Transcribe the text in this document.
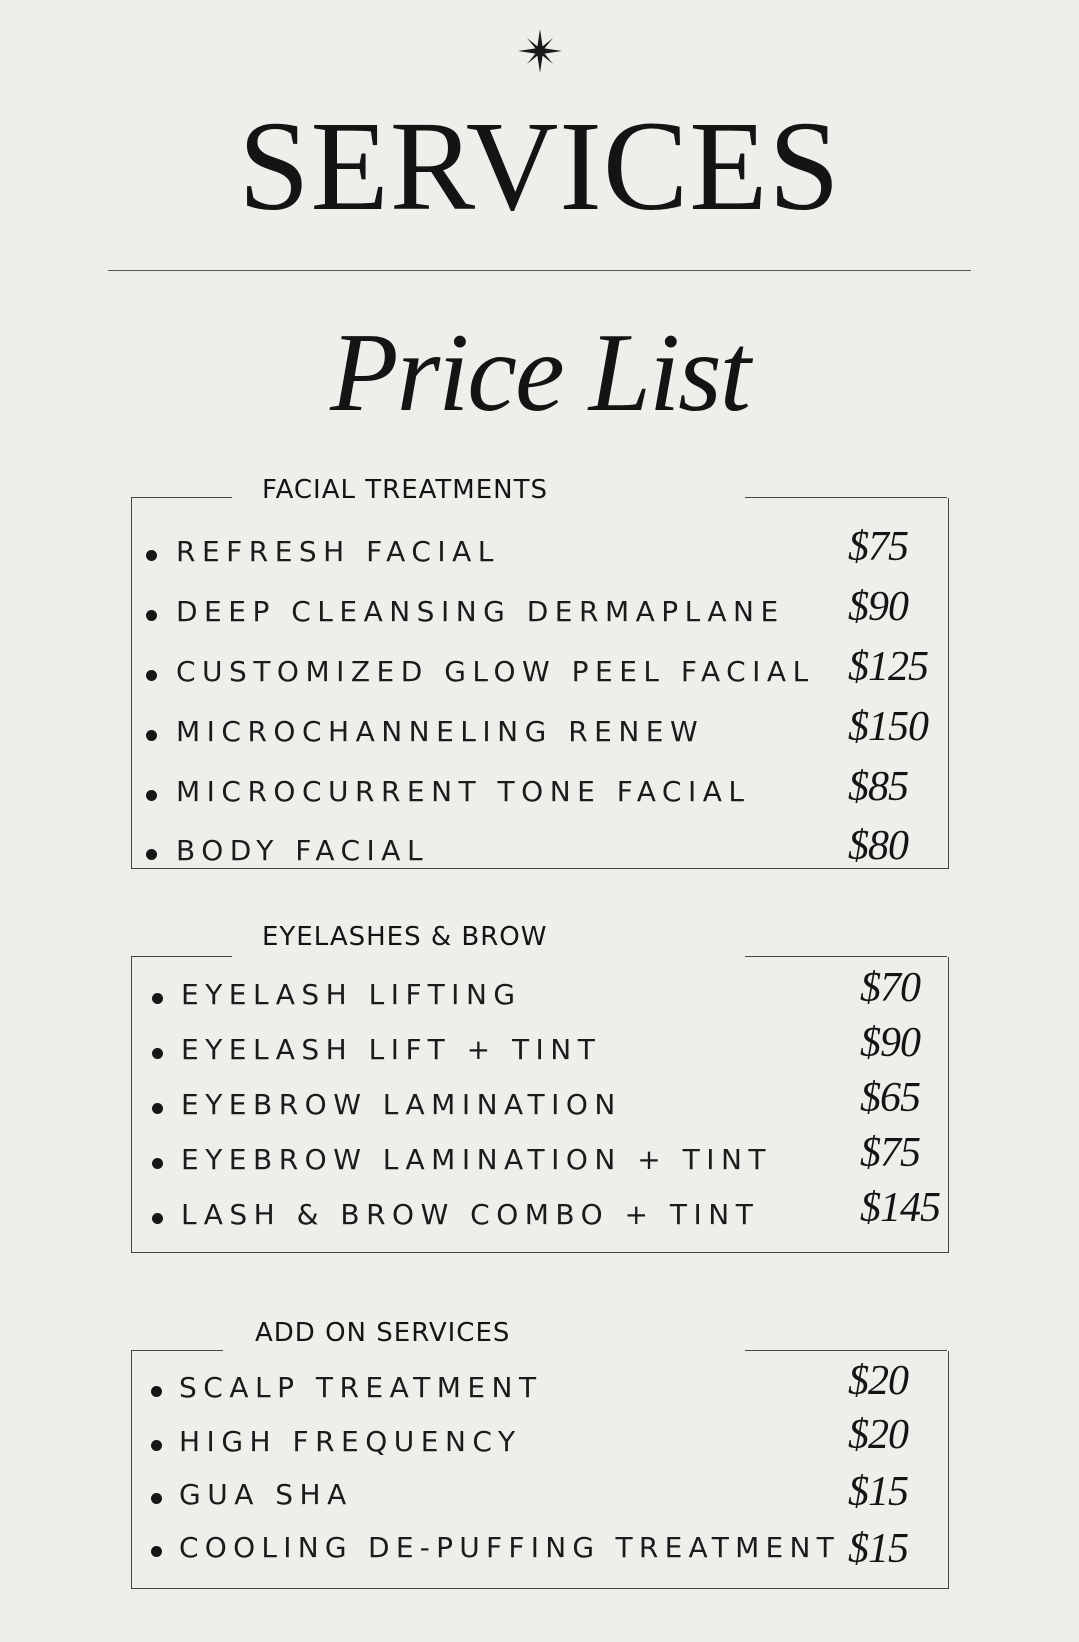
SERVICES
Price List
FACIAL TREATMENTS
REFRESH FACIAL	$75
DEEP CLEANSING DERMAPLANE $90
CUSTOMIZED GLOW PEEL FACIAL $125
MICROCHANNELING RENEW	$150
MICROCURRENT TONE FACIAL $85
BODY FACIAL	$80
EYELASHES & BROW
EYELASH LIFTING	$70
EYELASH LIFT + TINT	$90
EYEBROW LAMINATION	$65
EYEBROW LAMINATION + TINT $75
LASH & BROW COMBO + TINT $145
ADD ON SERVICES
SCALP TREATMENT	$20
HIGH FREQUENCY	$20
GUA SHA	$15
COOLING DE-PUFFING TREATMENT $15
